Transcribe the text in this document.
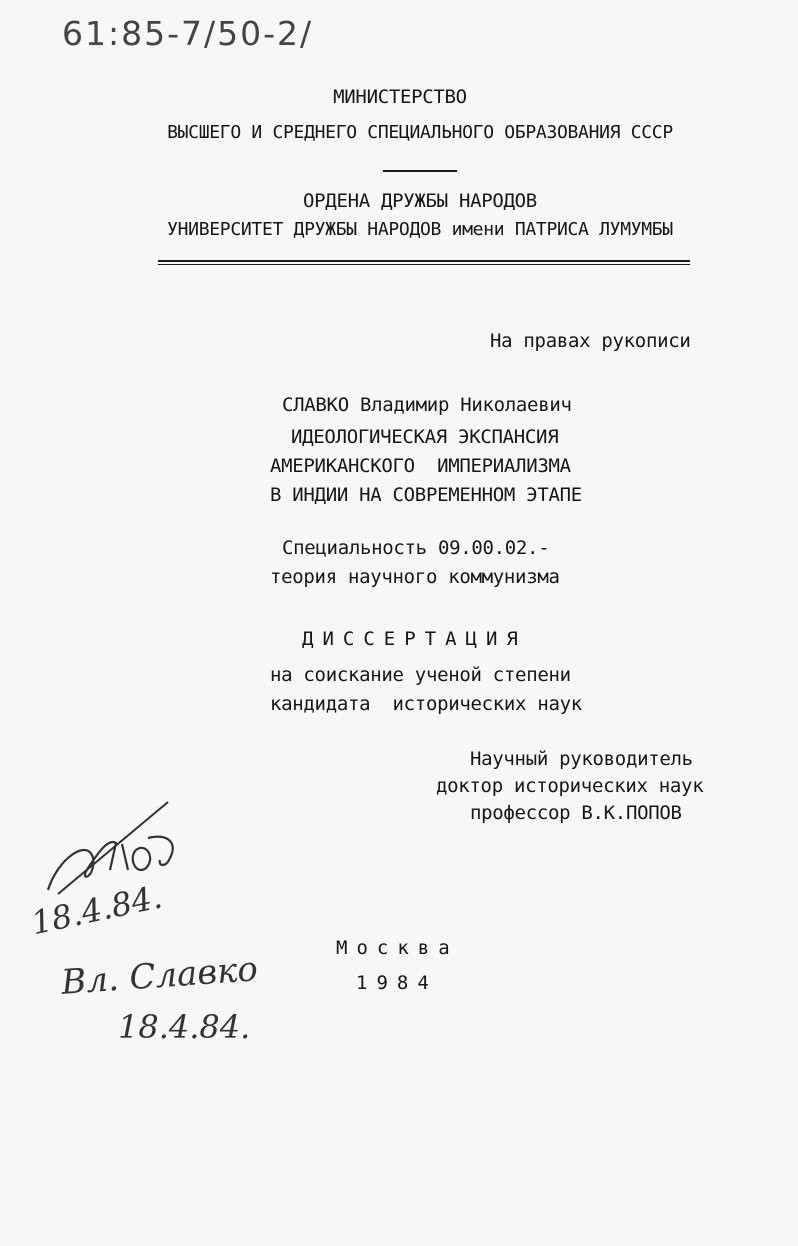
61:85-7/50-2/
МИНИСТЕРСТВО
ВЫСШЕГО И СРЕДНЕГО СПЕЦИАЛЬНОГО ОБРАЗОВАНИЯ СССР
ОРДЕНА ДРУЖБЫ НАРОДОВ
УНИВЕРСИТЕТ ДРУЖБЫ НАРОДОВ имени ПАТРИСА ЛУМУМБЫ
На правах рукописи
СЛАВКО Владимир Николаевич
ИДЕОЛОГИЧЕСКАЯ ЭКСПАНСИЯ
АМЕРИКАНСКОГО  ИМПЕРИАЛИЗМА
В ИНДИИ НА СОВРЕМЕННОМ ЭТАПЕ
Специальность 09.00.02.-
теория научного коммунизма
ДИССЕРТАЦИЯ
на соискание ученой степени
кандидата  исторических наук
Научный руководитель
доктор исторических наук
профессор В.К.ПОПОВ
Москва
1984
18.4.84.
Вл. Славко
18.4.84.
